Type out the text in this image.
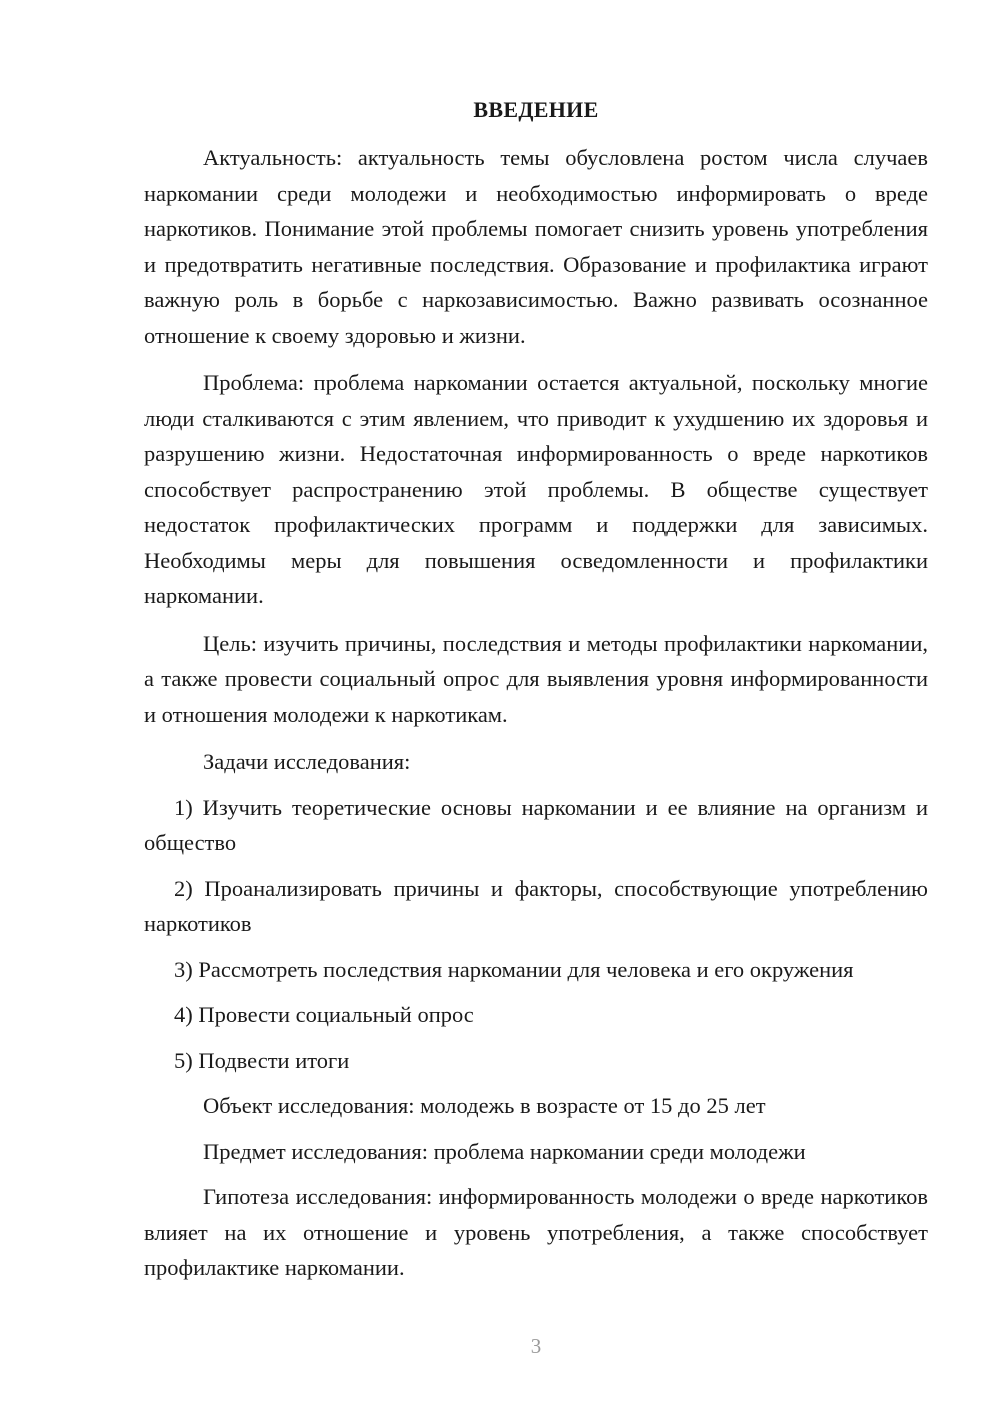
ВВЕДЕНИЕ

Актуальность: актуальность темы обусловлена ростом числа случаев наркомании среди молодежи и необходимостью информировать о вреде наркотиков. Понимание этой проблемы помогает снизить уровень употребления и предотвратить негативные последствия. Образование и профилактика играют важную роль в борьбе с наркозависимостью. Важно развивать осознанное отношение к своему здоровью и жизни.

Проблема: проблема наркомании остается актуальной, поскольку многие люди сталкиваются с этим явлением, что приводит к ухудшению их здоровья и разрушению жизни. Недостаточная информированность о вреде наркотиков способствует распространению этой проблемы. В обществе существует недостаток профилактических программ и поддержки для зависимых. Необходимы меры для повышения осведомленности и профилактики наркомании.

Цель: изучить причины, последствия и методы профилактики наркомании, а также провести социальный опрос для выявления уровня информированности и отношения молодежи к наркотикам.

Задачи исследования:

1) Изучить теоретические основы наркомании и ее влияние на организм и общество

2) Проанализировать причины и факторы, способствующие употреблению наркотиков

3) Рассмотреть последствия наркомании для человека и его окружения

4) Провести социальный опрос

5) Подвести итоги

Объект исследования: молодежь в возрасте от 15 до 25 лет

Предмет исследования: проблема наркомании среди молодежи

Гипотеза исследования: информированность молодежи о вреде наркотиков влияет на их отношение и уровень употребления, а также способствует профилактике наркомании.

3
